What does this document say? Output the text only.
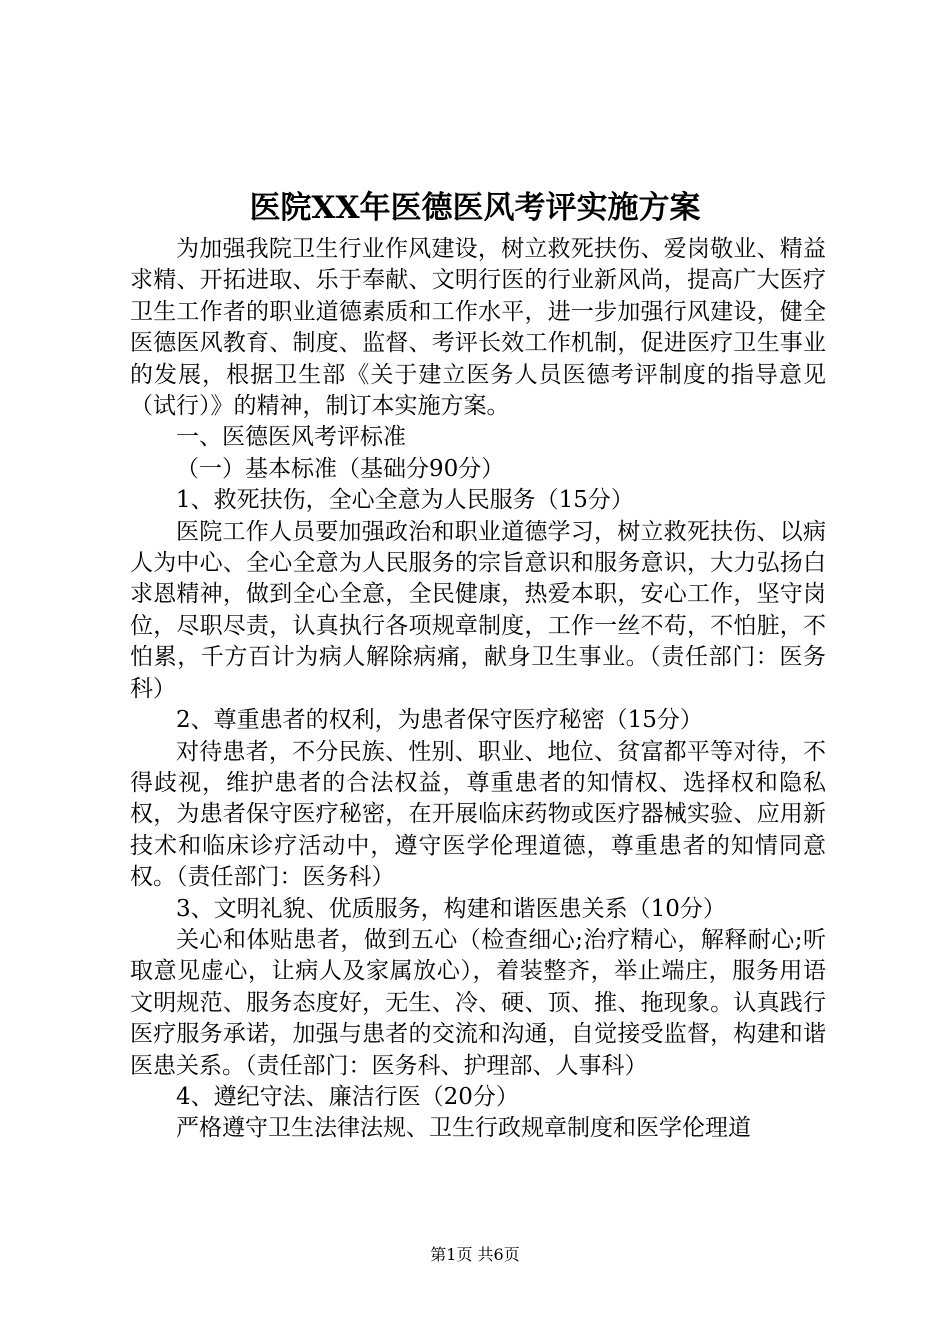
医院XX年医德医风考评实施方案

为加强我院卫生行业作风建设，树立救死扶伤、爱岗敬业、精益求精、开拓进取、乐于奉献、文明行医的行业新风尚，提高广大医疗卫生工作者的职业道德素质和工作水平，进一步加强行风建设，健全医德医风教育、制度、监督、考评长效工作机制，促进医疗卫生事业的发展，根据卫生部《关于建立医务人员医德考评制度的指导意见（试行）》的精神，制订本实施方案。

一、医德医风考评标准

（一）基本标准（基础分90分）

1、救死扶伤，全心全意为人民服务（15分）

医院工作人员要加强政治和职业道德学习，树立救死扶伤、以病人为中心、全心全意为人民服务的宗旨意识和服务意识，大力弘扬白求恩精神，做到全心全意，全民健康，热爱本职，安心工作，坚守岗位，尽职尽责，认真执行各项规章制度，工作一丝不苟，不怕脏，不怕累，千方百计为病人解除病痛，献身卫生事业。（责任部门：医务科）

2、尊重患者的权利，为患者保守医疗秘密（15分）

对待患者，不分民族、性别、职业、地位、贫富都平等对待，不得歧视，维护患者的合法权益，尊重患者的知情权、选择权和隐私权，为患者保守医疗秘密，在开展临床药物或医疗器械实验、应用新技术和临床诊疗活动中，遵守医学伦理道德，尊重患者的知情同意权。（责任部门：医务科）

3、文明礼貌、优质服务，构建和谐医患关系（10分）

关心和体贴患者，做到五心（检查细心;治疗精心，解释耐心;听取意见虚心，让病人及家属放心），着装整齐，举止端庄，服务用语文明规范、服务态度好，无生、冷、硬、顶、推、拖现象。认真践行医疗服务承诺，加强与患者的交流和沟通，自觉接受监督，构建和谐医患关系。（责任部门：医务科、护理部、人事科）

4、遵纪守法、廉洁行医（20分）

严格遵守卫生法律法规、卫生行政规章制度和医学伦理道

第1页 共6页
